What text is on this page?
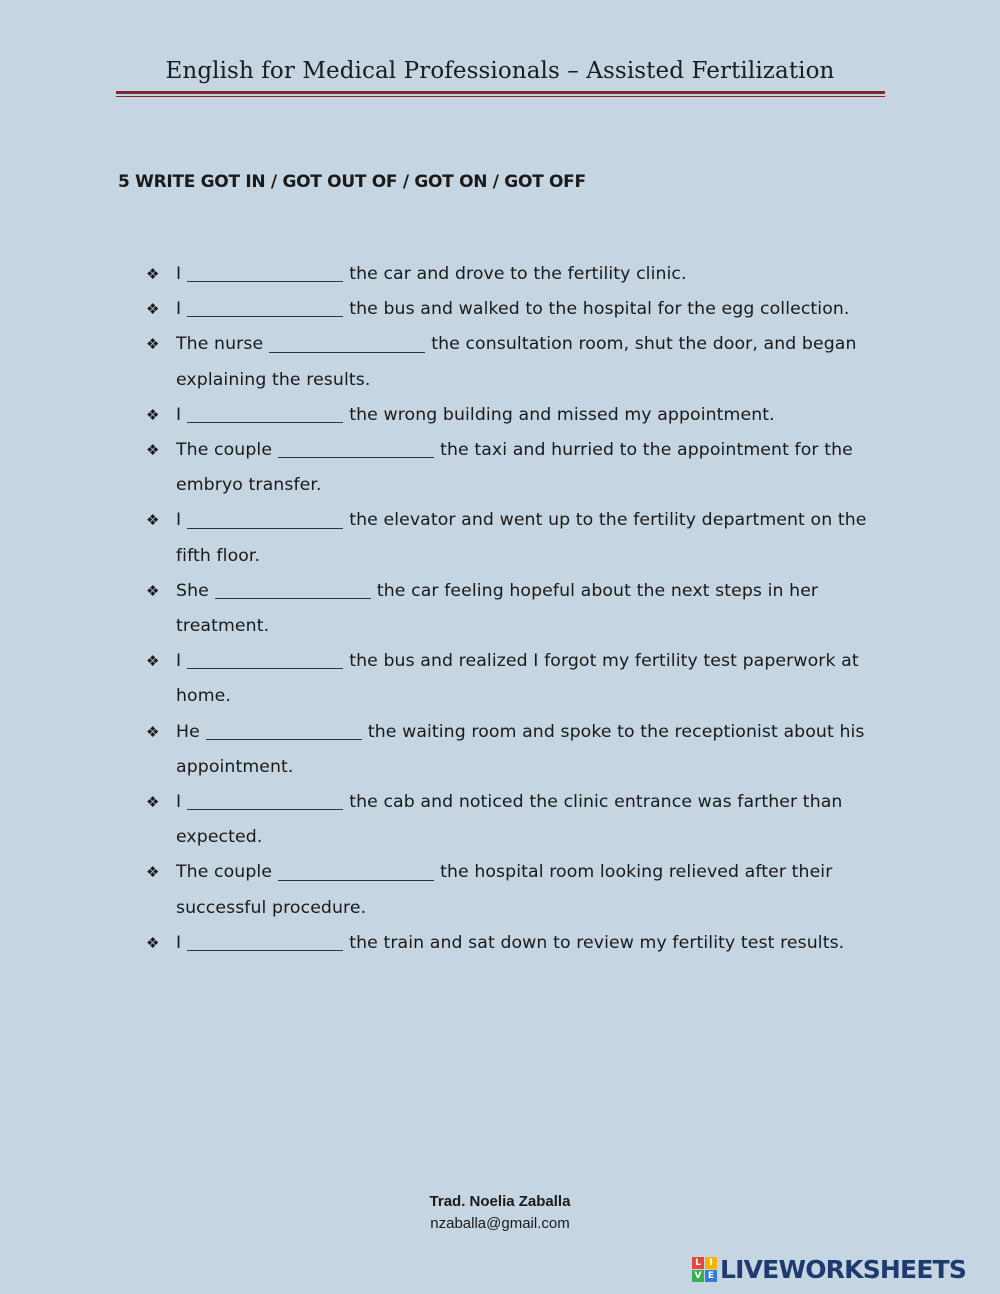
English for Medical Professionals – Assisted Fertilization
5 WRITE GOT IN / GOT OUT OF / GOT ON / GOT OFF
❖ I	the car and drove to the fertility clinic.
❖ I	the bus and walked to the hospital for the egg collection.
❖ The nurse	the consultation room, shut the door, and began explaining the results.
❖ I	the wrong building and missed my appointment.
❖ The couple	the taxi and hurried to the appointment for the embryo transfer.
❖ I	the elevator and went up to the fertility department on the fifth floor.
❖ She	the car feeling hopeful about the next steps in her treatment.
❖ I	the bus and realized I forgot my fertility test paperwork at home.
❖ He	the waiting room and spoke to the receptionist about his appointment.
❖ I	the cab and noticed the clinic entrance was farther than expected.
❖ The couple	the hospital room looking relieved after their successful procedure.
❖ I	the train and sat down to review my fertility test results.
Trad. Noelia Zaballa
nzaballa@gmail.com
L I
V E LIVEWORKSHEETS
